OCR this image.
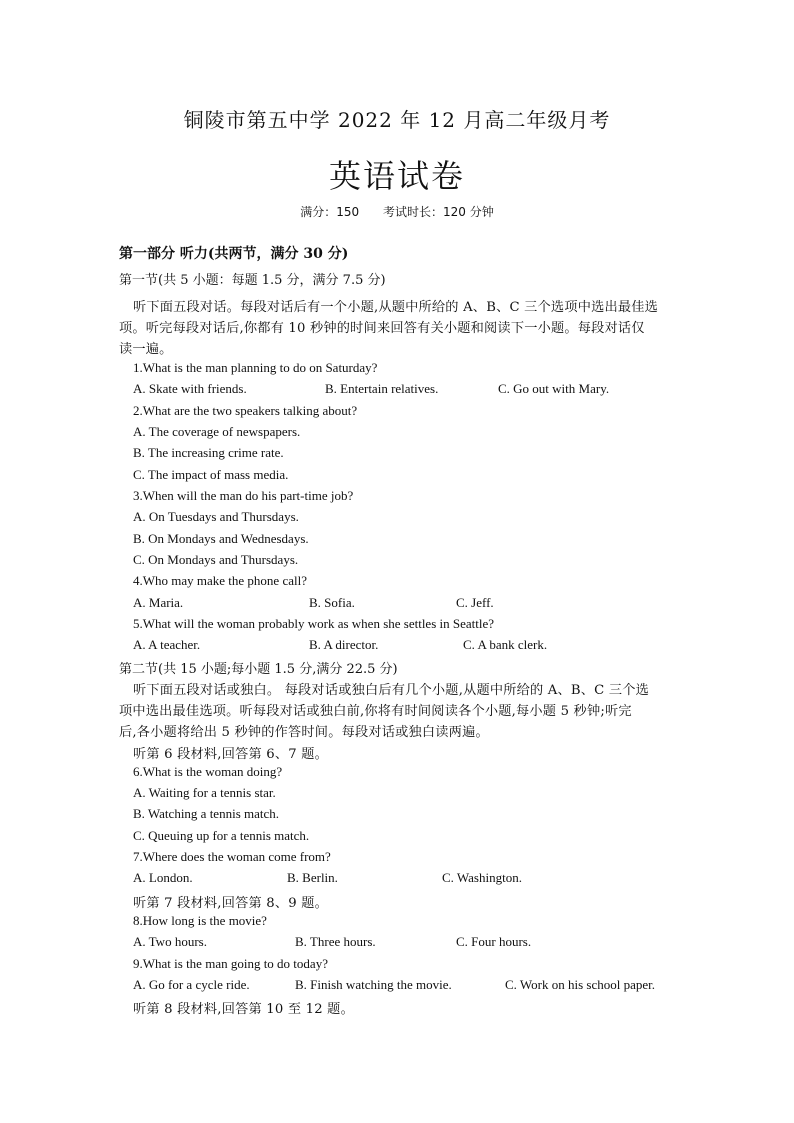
铜陵市第五中学 2022 年 12 月高二年级月考
英语试卷
满分：150 考试时长：120 分钟
第一部分 听力(共两节，满分 30 分)
第一节(共 5 小题：每题 1.5 分，满分 7.5 分)
听下面五段对话。每段对话后有一个小题,从题中所给的 A、B、C 三个选项中选出最佳选
项。听完每段对话后,你都有 10 秒钟的时间来回答有关小题和阅读下一小题。每段对话仅
读一遍。
1.What is the man planning to do on Saturday?
A. Skate with friends.	B. Entertain relatives.	C. Go out with Mary.
2.What are the two speakers talking about?
A. The coverage of newspapers.
B. The increasing crime rate.
C. The impact of mass media.
3.When will the man do his part-time job?
A. On Tuesdays and Thursdays.
B. On Mondays and Wednesdays.
C. On Mondays and Thursdays.
4.Who may make the phone call?
A. Maria.	B. Sofia.	C. Jeff.
5.What will the woman probably work as when she settles in Seattle?
A. A teacher.	B. A director.	C. A bank clerk.
第二节(共 15 小题;每小题 1.5 分,满分 22.5 分)
听下面五段对话或独白。 每段对话或独白后有几个小题,从题中所给的 A、B、C 三个选
项中选出最佳选项。听每段对话或独白前,你将有时间阅读各个小题,每小题 5 秒钟;听完
后,各小题将给出 5 秒钟的作答时间。每段对话或独白读两遍。
听第 6 段材料,回答第 6、7 题。
6.What is the woman doing?
A. Waiting for a tennis star.
B. Watching a tennis match.
C. Queuing up for a tennis match.
7.Where does the woman come from?
A. London.	B. Berlin.	C. Washington.
听第 7 段材料,回答第 8、9 题。
8.How long is the movie?
A. Two hours.	B. Three hours.	C. Four hours.
9.What is the man going to do today?
A. Go for a cycle ride.	B. Finish watching the movie.	C. Work on his school paper.
听第 8 段材料,回答第 10 至 12 题。
